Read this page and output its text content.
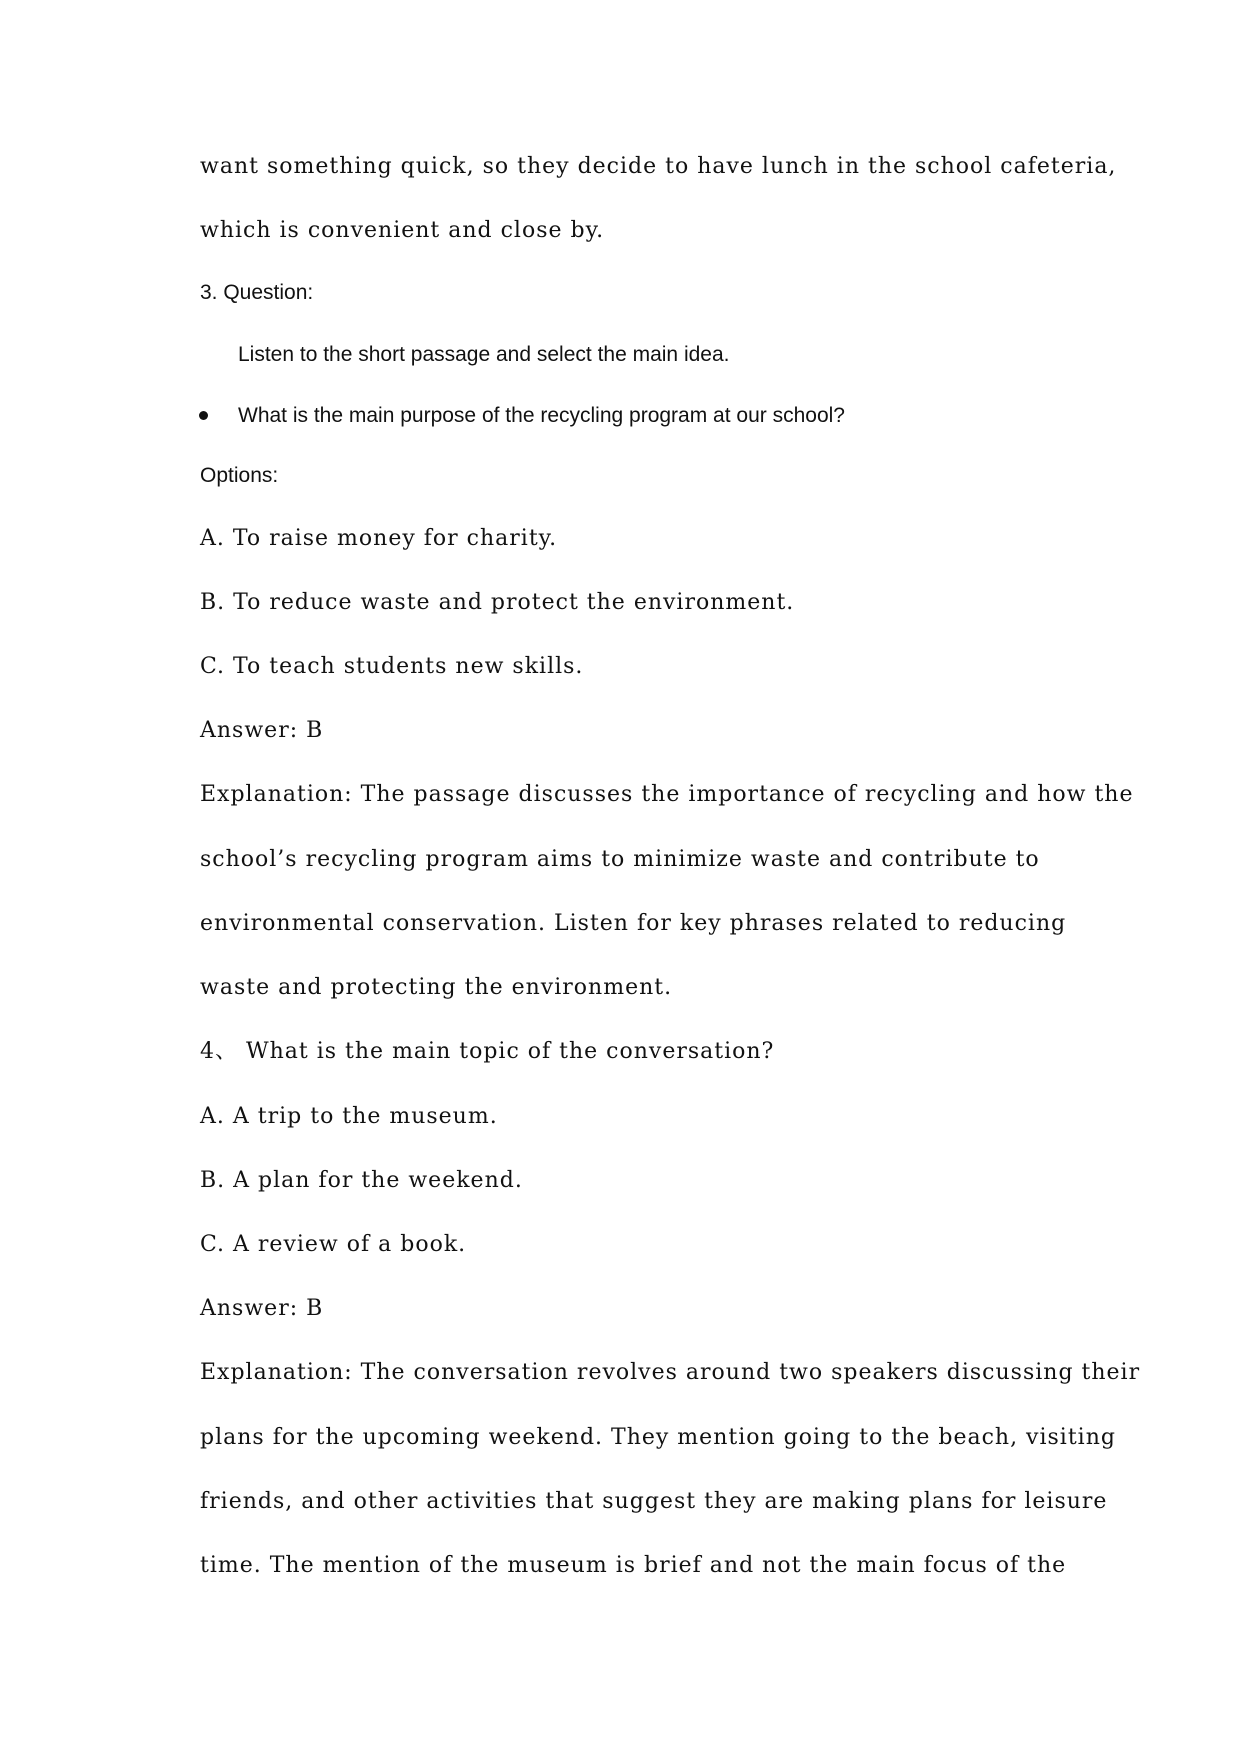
want something quick, so they decide to have lunch in the school cafeteria,
which is convenient and close by.
3. Question:
Listen to the short passage and select the main idea.
What is the main purpose of the recycling program at our school?
Options:
A. To raise money for charity.
B. To reduce waste and protect the environment.
C. To teach students new skills.
Answer: B
Explanation: The passage discusses the importance of recycling and how the
school’s recycling program aims to minimize waste and contribute to
environmental conservation. Listen for key phrases related to reducing
waste and protecting the environment.
4、 What is the main topic of the conversation?
A. A trip to the museum.
B. A plan for the weekend.
C. A review of a book.
Answer: B
Explanation: The conversation revolves around two speakers discussing their
plans for the upcoming weekend. They mention going to the beach, visiting
friends, and other activities that suggest they are making plans for leisure
time. The mention of the museum is brief and not the main focus of the
